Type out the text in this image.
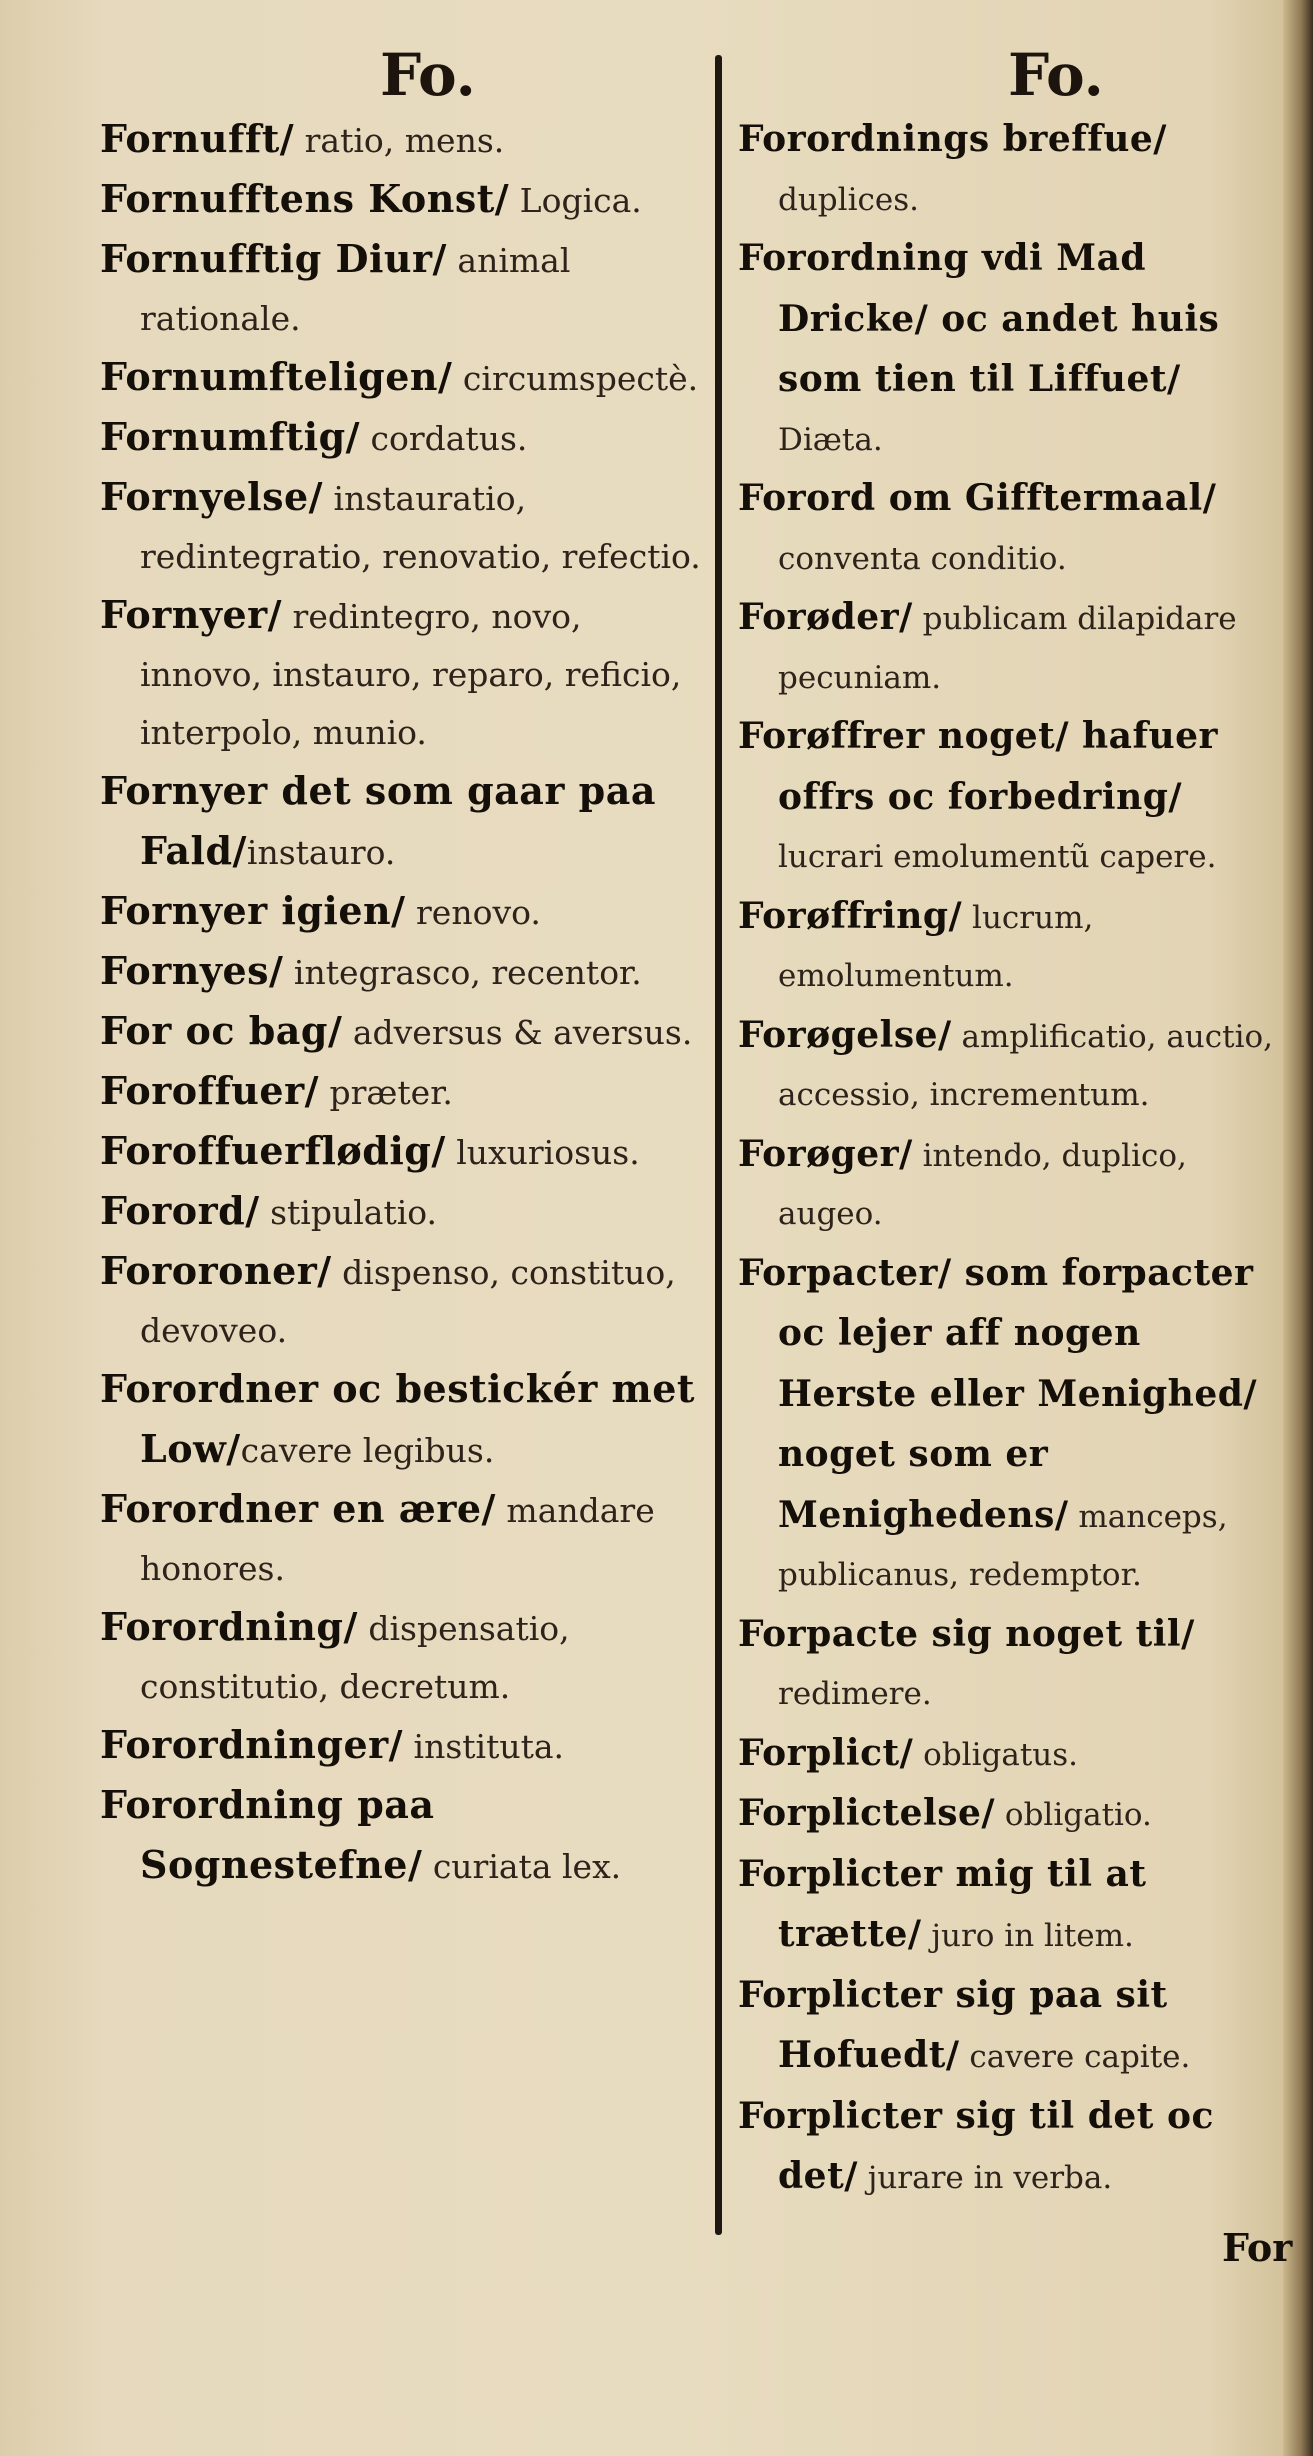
Fo.
Fornufft/ ratio, mens.
Fornufftens Konst/ Logica.
Fornufftig Diur/ animal rationale.
Fornumfteligen/ circumspectè.
Fornumftig/ cordatus.
Fornyelse/ instauratio, redintegratio, renovatio, refectio.
Fornyer/ redintegro, novo, innovo, instauro, reparo, reficio, interpolo, munio.
Fornyer det som gaar paa Fald/instauro.
Fornyer igien/ renovo.
Fornyes/ integrasco, recentor.
For oc bag/ adversus & aversus.
Foroffuer/ præter.
Foroffuerflødig/ luxuriosus.
Forord/ stipulatio.
Fororoner/ dispenso, constituo, devoveo.
Forordner oc bestickér met Low/cavere legibus.
Forordner en ære/ mandare honores.
Forordning/ dispensatio, constitutio, decretum.
Forordninger/ instituta.
Forordning paa Sognestefne/ curiata lex.
Fo.
Forordnings breffue/ duplices.
Forordning vdi Mad Dricke/ oc andet huis som tien til Liffuet/ Diæta.
Forord om Gifftermaal/ conventa conditio.
Forøder/ publicam dilapidare pecuniam.
Forøffrer noget/ hafuer offrs oc forbedring/ lucrari emolumentũ capere.
Forøffring/ lucrum, emolumentum.
Forøgelse/ amplificatio, auctio, accessio, incrementum.
Forøger/ intendo, duplico, augeo.
Forpacter/ som forpacter oc lejer aff nogen Herste eller Menighed/ noget som er Menighedens/ manceps, publicanus, redemptor.
Forpacte sig noget til/ redimere.
Forplict/ obligatus.
Forplictelse/ obligatio.
Forplicter mig til at trætte/ juro in litem.
Forplicter sig paa sit Hofuedt/ cavere capite.
Forplicter sig til det oc det/ jurare in verba.
For
